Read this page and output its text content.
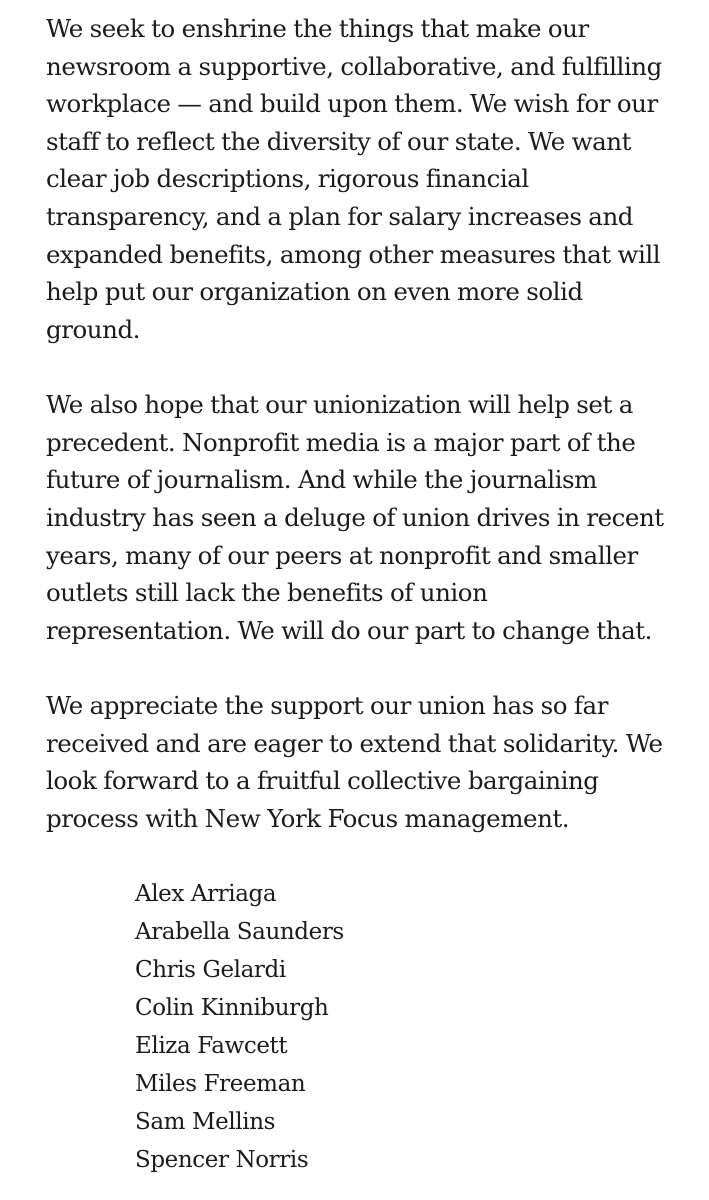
We seek to enshrine the things that make our
newsroom a supportive, collaborative, and fulfilling
workplace — and build upon them. We wish for our
staff to reflect the diversity of our state. We want
clear job descriptions, rigorous financial
transparency, and a plan for salary increases and
expanded benefits, among other measures that will
help put our organization on even more solid
ground.

We also hope that our unionization will help set a
precedent. Nonprofit media is a major part of the
future of journalism. And while the journalism
industry has seen a deluge of union drives in recent
years, many of our peers at nonprofit and smaller
outlets still lack the benefits of union
representation. We will do our part to change that.

We appreciate the support our union has so far
received and are eager to extend that solidarity. We
look forward to a fruitful collective bargaining
process with New York Focus management.

Alex Arriaga
Arabella Saunders
Chris Gelardi
Colin Kinniburgh
Eliza Fawcett
Miles Freeman
Sam Mellins
Spencer Norris
